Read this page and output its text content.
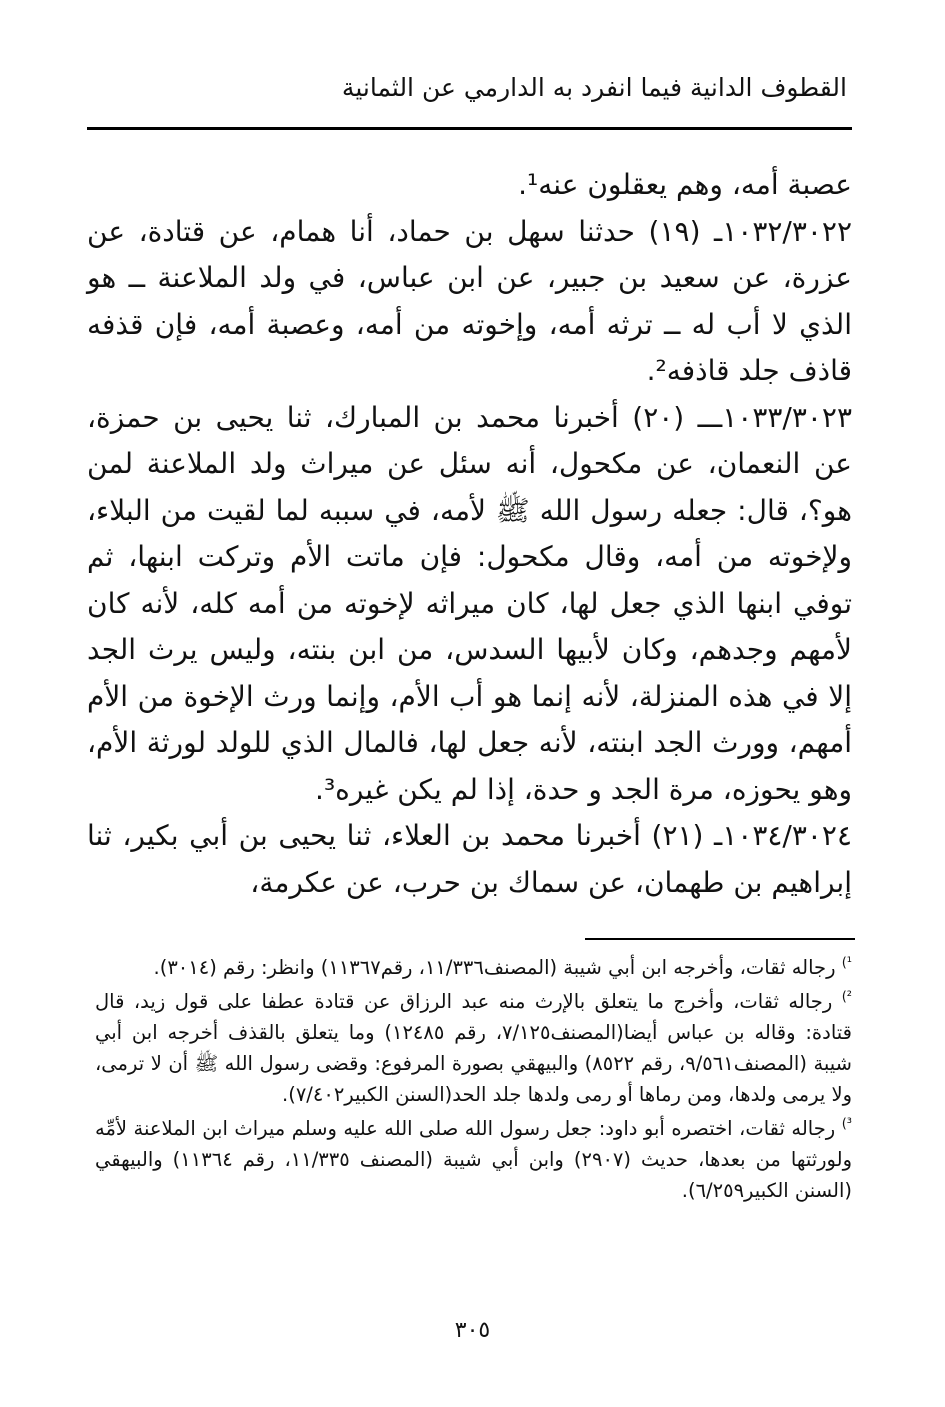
القطوف الدانية فيما انفرد به الدارمي عن الثمانية

عصبة أمه، وهم يعقلون عنه¹.

١٠٣٢/٣٠٢٢ـ (١٩) حدثنا سهل بن حماد، أنا همام، عن قتادة، عن عزرة، عن سعيد بن جبير، عن ابن عباس، في ولد الملاعنة ــ هو الذي لا أب له ــ ترثه أمه، وإخوته من أمه، وعصبة أمه، فإن قذفه قاذف جلد قاذفه².

١٠٣٣/٣٠٢٣ـــ (٢٠) أخبرنا محمد بن المبارك، ثنا يحيى بن حمزة، عن النعمان، عن مكحول، أنه سئل عن ميراث ولد الملاعنة لمن هو؟، قال: جعله رسول الله ﷺ لأمه، في سببه لما لقيت من البلاء، ولإخوته من أمه، وقال مكحول: فإن ماتت الأم وتركت ابنها، ثم توفي ابنها الذي جعل لها، كان ميراثه لإخوته من أمه كله، لأنه كان لأمهم وجدهم، وكان لأبيها السدس، من ابن بنته، وليس يرث الجد إلا في هذه المنزلة، لأنه إنما هو أب الأم، وإنما ورث الإخوة من الأم أمهم، وورث الجد ابنته، لأنه جعل لها، فالمال الذي للولد لورثة الأم، وهو يحوزه، مرة الجد و حدة، إذا لم يكن غيره³.

١٠٣٤/٣٠٢٤ـ (٢١) أخبرنا محمد بن العلاء، ثنا يحيى بن أبي بكير، ثنا إبراهيم بن طهمان، عن سماك بن حرب، عن عكرمة،

$^{^1)}$ رجاله ثقات، وأخرجه ابن أبي شيبة (المصنف١١/٣٣٦، رقم١١٣٦٧) وانظر: رقم (٣٠١٤).

$^{^2)}$ رجاله ثقات، وأخرج ما يتعلق بالإرث منه عبد الرزاق عن قتادة عطفا على قول زيد، قال قتادة: وقاله بن عباس أيضا(المصنف٧/١٢٥، رقم ١٢٤٨٥) وما يتعلق بالقذف أخرجه ابن أبي شيبة (المصنف٩/٥٦١، رقم ٨٥٢٢) والبيهقي بصورة المرفوع: وقضى رسول الله ﷺ أن لا ترمى، ولا يرمى ولدها، ومن رماها أو رمى ولدها جلد الحد(السنن الكبير٧/٤٠٢).

$^{^3)}$ رجاله ثقات، اختصره أبو داود: جعل رسول الله صلى الله عليه وسلم ميراث ابن الملاعنة لأمِّه ولورثتها من بعدها، حديث (٢٩٠٧) وابن أبي شيبة (المصنف ١١/٣٣٥، رقم ١١٣٦٤) والبيهقي (السنن الكبير٦/٢٥٩).

٣٠٥
